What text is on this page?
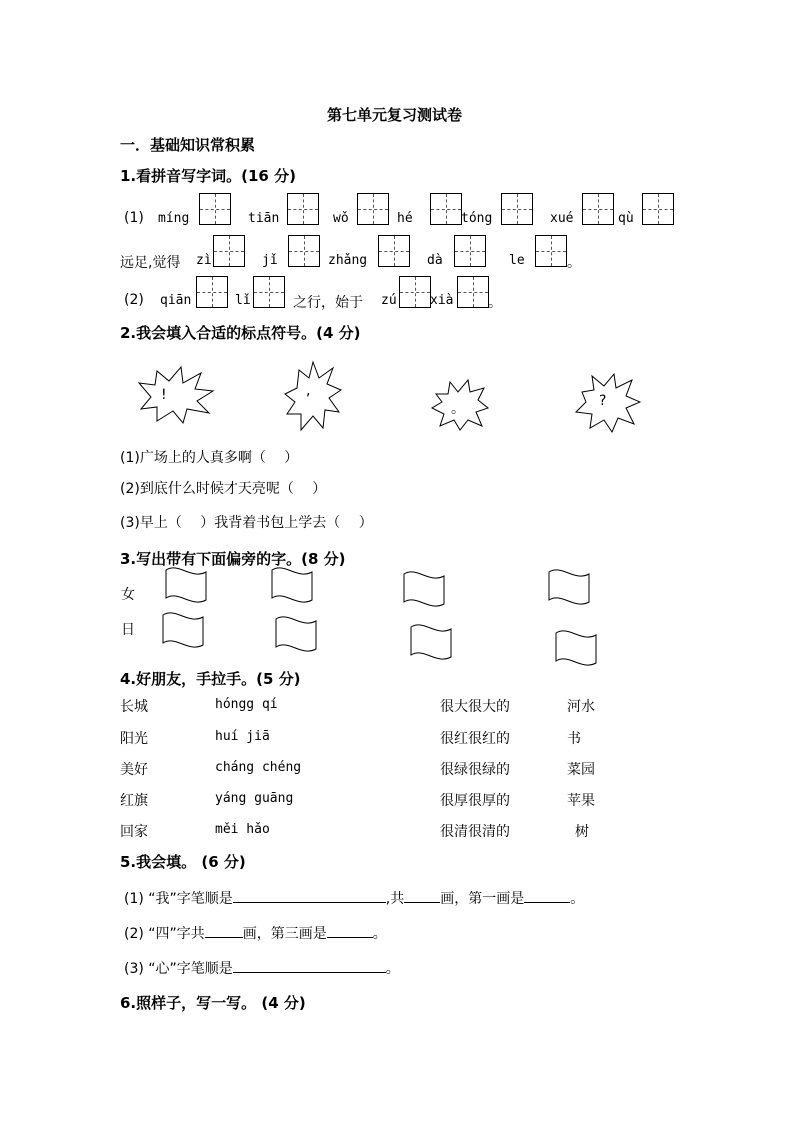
第七单元复习测试卷
一．基础知识常积累
1.看拼音写字词。(16 分)
(1) míng	tiān	wǒ	hé	tóng	xué	qù
远足,觉得 zì	jǐ	zhǎng	dà	le	。
(2) qiān	lǐ	之行，始于 zú	xià 。
2.我会填入合适的标点符号。(4 分)
!	,
。	?
(1)广场上的人真多啊（　 ）
(2)到底什么时候才天亮呢（　 ）
(3)早上（　 ）我背着书包上学去（　 ）
3.写出带有下面偏旁的字。(8 分)
女
日
4.好朋友，手拉手。(5 分)
长城	hóngg qí	很大很大的	河水
阳光	huí jiā	很红很红的	书
美好	cháng chéng	很绿很绿的	菜园
红旗	yáng guāng	很厚很厚的	苹果
回家	měi hǎo	很清很清的	树
5.我会填。 (6 分)
(1) “我”字笔顺是	,共	画，第一画是	。
(2) “四”字共	画，第三画是	。
(3) “心”字笔顺是	。
6.照样子，写一写。 (4 分)
